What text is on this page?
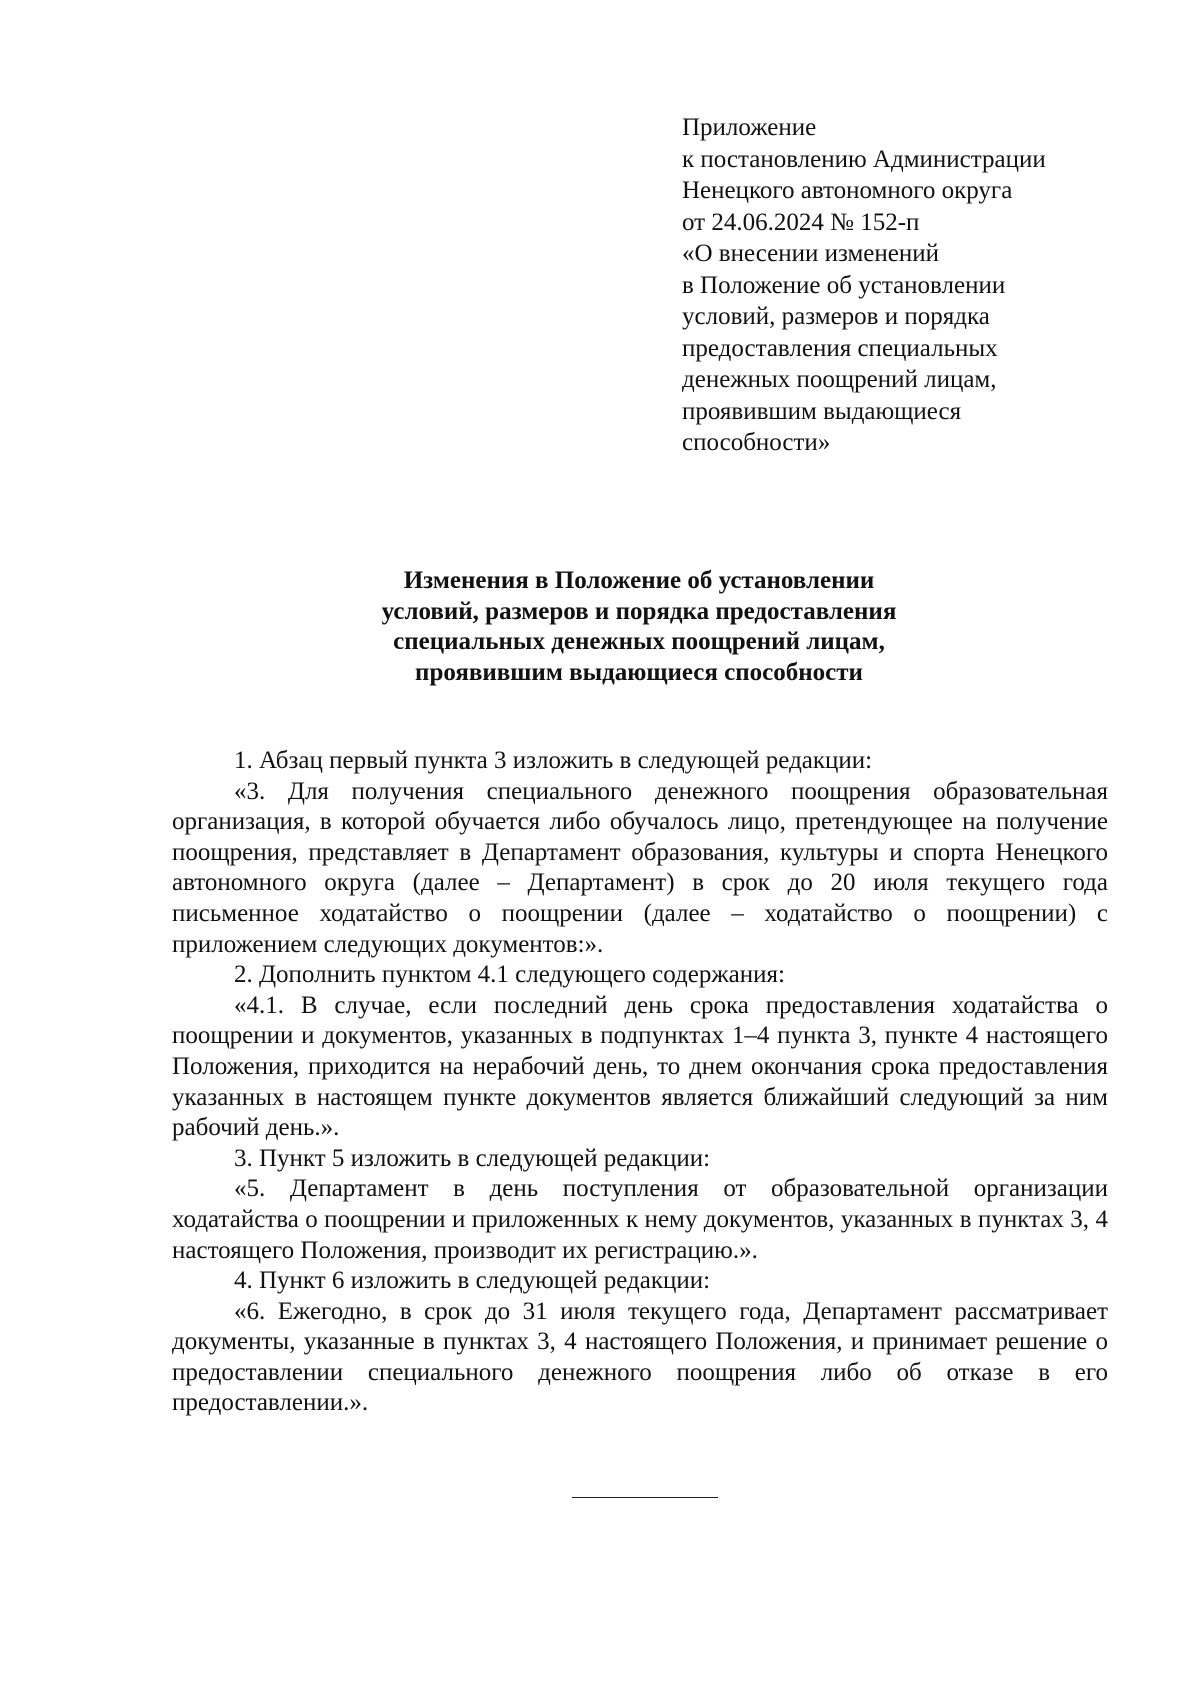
Приложение
к постановлению Администрации
Ненецкого автономного округа
от 24.06.2024 № 152-п
«О внесении изменений
в Положение об установлении
условий, размеров и порядка
предоставления специальных
денежных поощрений лицам,
проявившим выдающиеся
способности»
Изменения в Положение об установлении
условий, размеров и порядка предоставления
специальных денежных поощрений лицам,
проявившим выдающиеся способности

1. Абзац первый пункта 3 изложить в следующей редакции:

«3. Для получения специального денежного поощрения образовательная организация, в которой обучается либо обучалось лицо, претендующее на получение поощрения, представляет в Департамент образования, культуры и спорта Ненецкого автономного округа (далее – Департамент) в срок до 20 июля текущего года письменное ходатайство о поощрении (далее – ходатайство о поощрении) с приложением следующих документов:».

2. Дополнить пунктом 4.1 следующего содержания:

«4.1. В случае, если последний день срока предоставления ходатайства о поощрении и документов, указанных в подпунктах 1–4 пункта 3, пункте 4 настоящего Положения, приходится на нерабочий день, то днем окончания срока предоставления указанных в настоящем пункте документов является ближайший следующий за ним рабочий день.».

3. Пункт 5 изложить в следующей редакции:

«5. Департамент в день поступления от образовательной организации ходатайства о поощрении и приложенных к нему документов, указанных в пунктах 3, 4 настоящего Положения, производит их регистрацию.».

4. Пункт 6 изложить в следующей редакции:

«6. Ежегодно, в срок до 31 июля текущего года, Департамент рассматривает документы, указанные в пунктах 3, 4 настоящего Положения, и принимает решение о предоставлении специального денежного поощрения либо об отказе в его предоставлении.».
